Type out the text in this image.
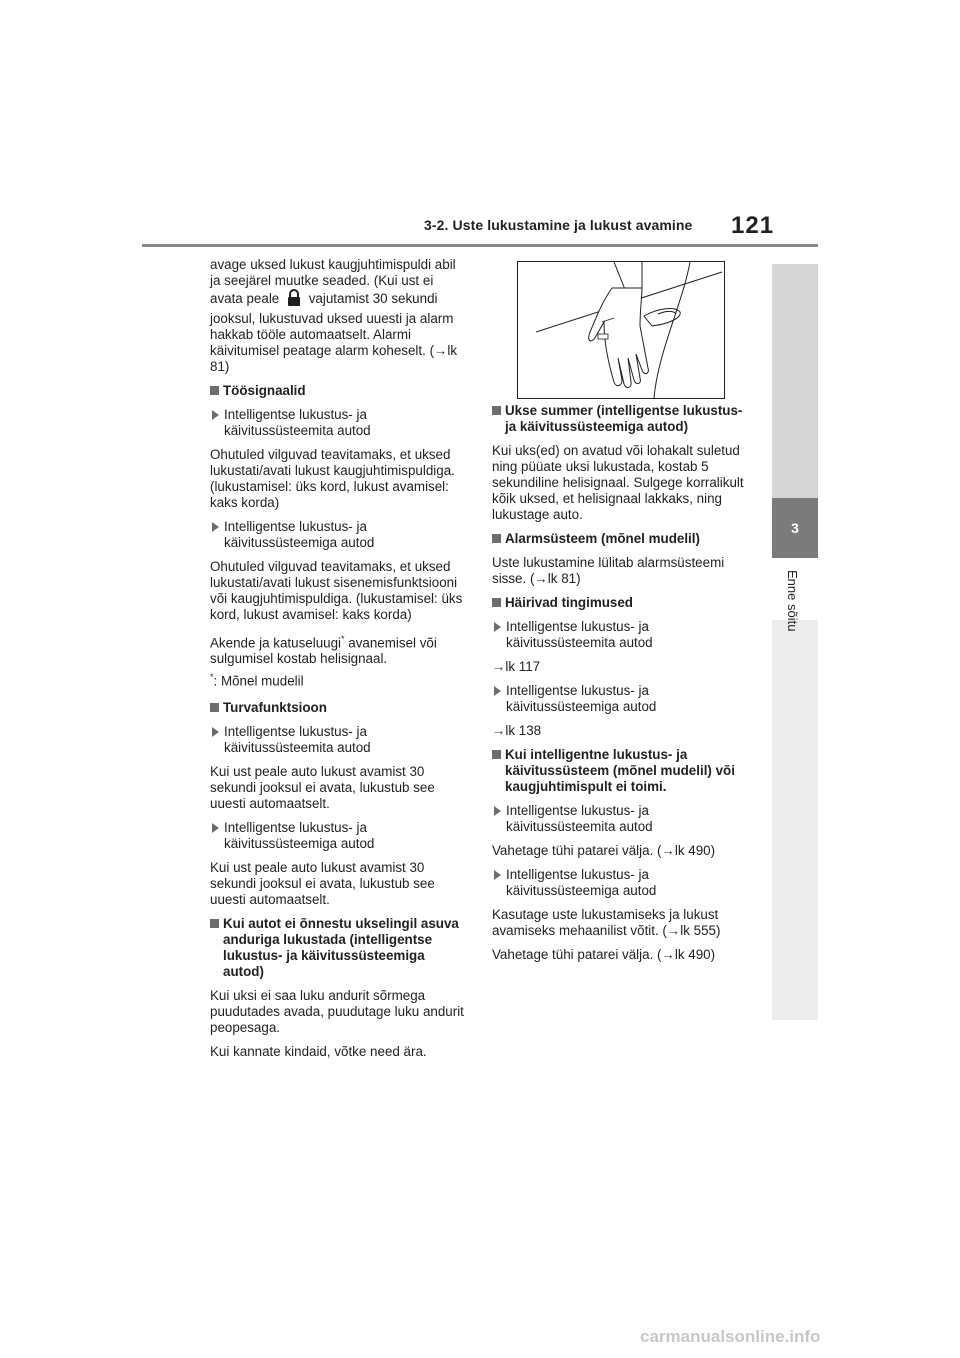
3-2. Uste lukustamine ja lukust avamine 121
3
Enne sõitu

avage uksed lukust kaugjuhtimispuldi abil ja seejärel muutke seaded. (Kui ust ei avata peale vajutamist 30 sekundi jooksul, lukustuvad uksed uuesti ja alarm hakkab tööle automaatselt. Alarmi käivitumisel peatage alarm koheselt. (→lk 81)

Töösignaalid
Intelligentse lukustus- ja käivitussüsteemita autod

Ohutuled vilguvad teavitamaks, et uksed lukustati/avati lukust kaugjuhtimispuldiga. (lukustamisel: üks kord, lukust avamisel: kaks korda)

Intelligentse lukustus- ja käivitussüsteemiga autod

Ohutuled vilguvad teavitamaks, et uksed lukustati/avati lukust sisenemisfunktsiooni või kaugjuhtimispuldiga. (lukustamisel: üks kord, lukust avamisel: kaks korda)

Akende ja katuseluugi* avanemisel või sulgumisel kostab helisignaal.

*: Mõnel mudelil

Turvafunktsioon
Intelligentse lukustus- ja käivitussüsteemita autod

Kui ust peale auto lukust avamist 30 sekundi jooksul ei avata, lukustub see uuesti automaatselt.

Intelligentse lukustus- ja käivitussüsteemiga autod

Kui ust peale auto lukust avamist 30 sekundi jooksul ei avata, lukustub see uuesti automaatselt.

Kui autot ei õnnestu ukselingil asuva anduriga lukustada (intelligentse lukustus- ja käivitussüsteemiga autod)

Kui uksi ei saa luku andurit sõrmega puudutades avada, puudutage luku andurit peopesaga.

Kui kannate kindaid, võtke need ära.

Ukse summer (intelligentse lukustus- ja käivitussüsteemiga autod)

Kui uks(ed) on avatud või lohakalt suletud ning püüate uksi lukustada, kostab 5 sekundiline helisignaal. Sulgege korralikult kõik uksed, et helisignaal lakkaks, ning lukustage auto.

Alarmsüsteem (mõnel mudelil)

Uste lukustamine lülitab alarmsüsteemi sisse. (→lk 81)

Häirivad tingimused
Intelligentse lukustus- ja käivitussüsteemita autod

→lk 117

Intelligentse lukustus- ja käivitussüsteemiga autod

→lk 138

Kui intelligentne lukustus- ja käivitussüsteem (mõnel mudelil) või kaugjuhtimispult ei toimi.
Intelligentse lukustus- ja käivitussüsteemita autod

Vahetage tühi patarei välja. (→lk 490)

Intelligentse lukustus- ja käivitussüsteemiga autod

Kasutage uste lukustamiseks ja lukust avamiseks mehaanilist võtit. (→lk 555)

Vahetage tühi patarei välja. (→lk 490)

carmanualsonline.info
